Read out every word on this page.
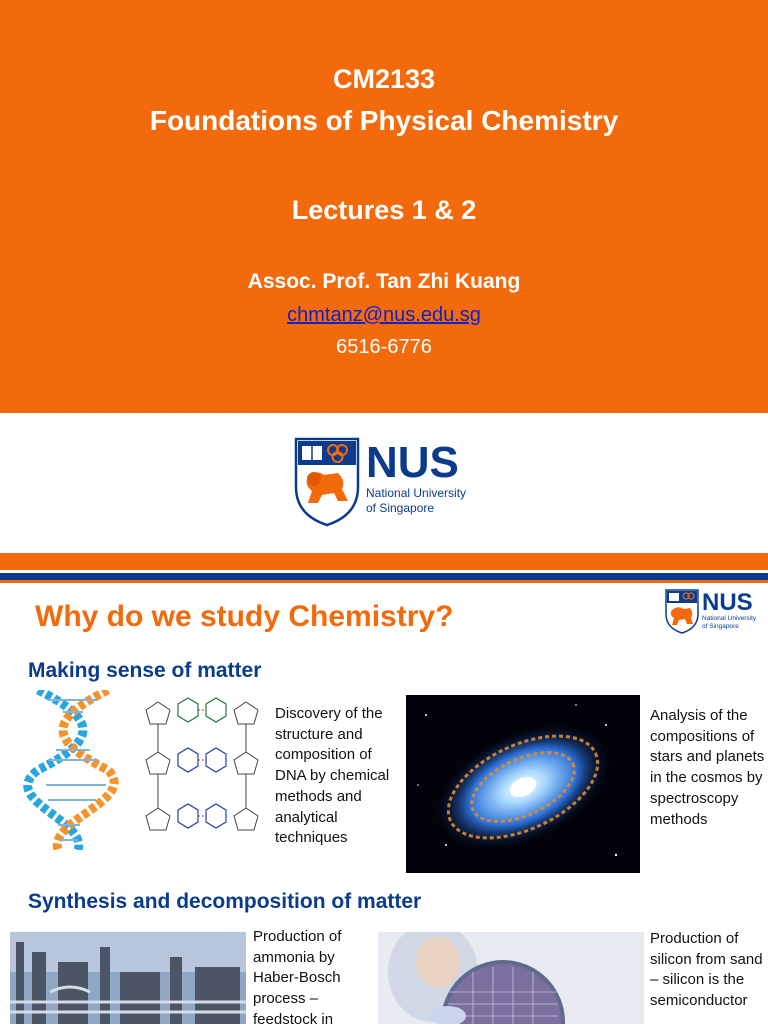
CM2133
Foundations of Physical Chemistry
Lectures 1 & 2
Assoc. Prof. Tan Zhi Kuang
chmtanz@nus.edu.sg
6516-6776
NUS
National University
of Singapore
Why do we study Chemistry?	NUS
National University
of Singapore
Making sense of matter
Discovery of the structure and composition of DNA by chemical methods and analytical techniques
Analysis of the compositions of stars and planets in the cosmos by spectroscopy methods
Synthesis and decomposition of matter
Production of ammonia by Haber-Bosch process – feedstock in
Production of silicon from sand – silicon is the semiconductor
